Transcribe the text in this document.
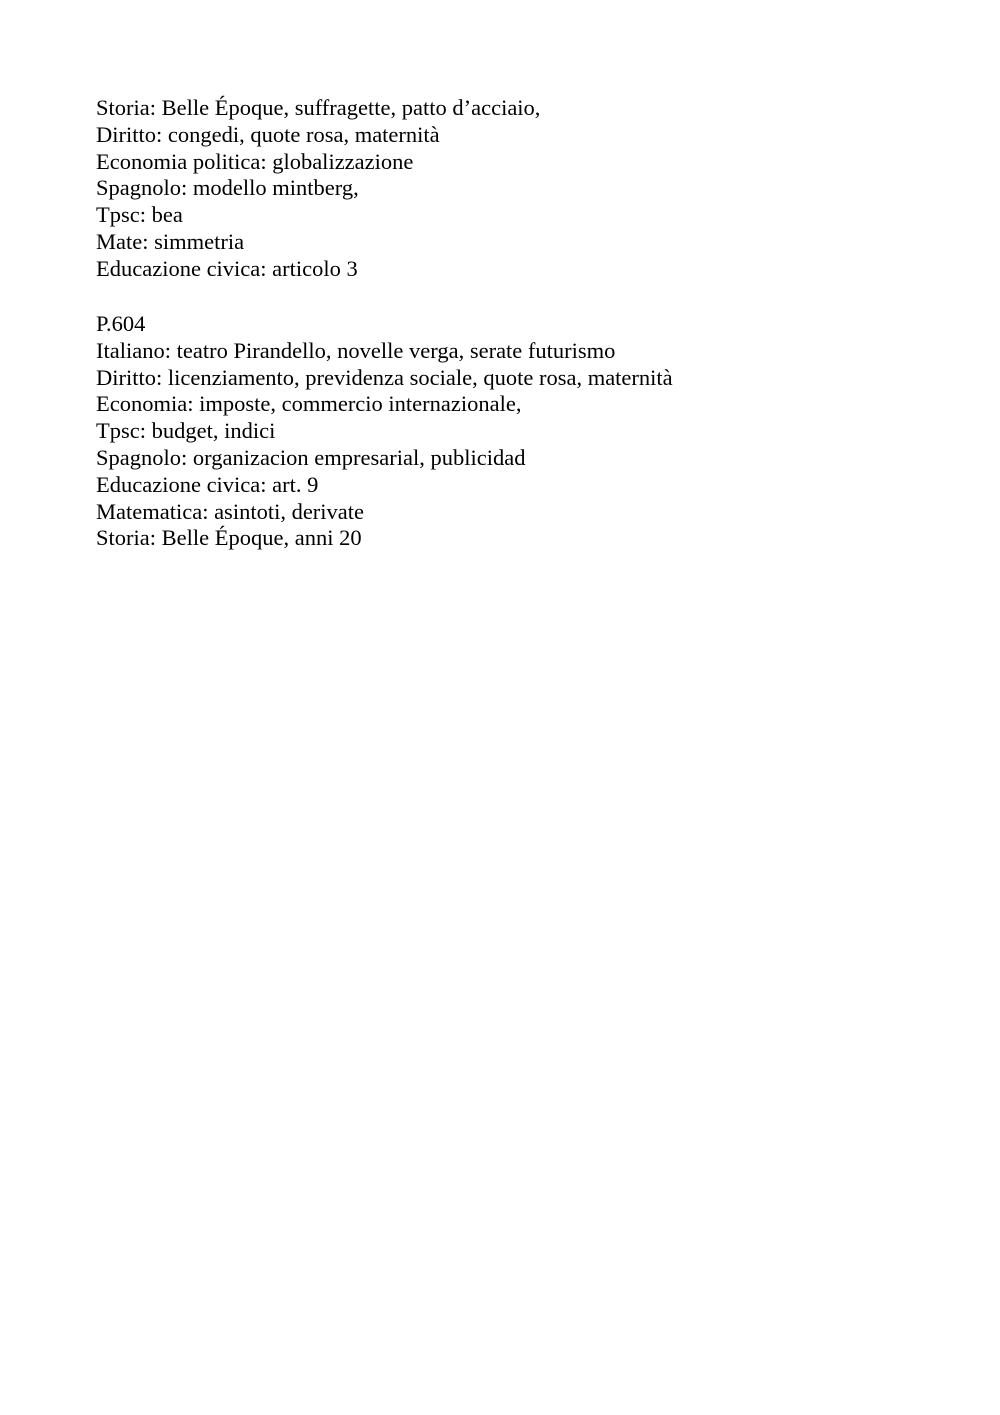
Storia: Belle Époque, suffragette, patto d’acciaio,
Diritto: congedi, quote rosa, maternità
Economia politica: globalizzazione
Spagnolo: modello mintberg,
Tpsc: bea
Mate: simmetria
Educazione civica: articolo 3
P.604
Italiano: teatro Pirandello, novelle verga, serate futurismo
Diritto: licenziamento, previdenza sociale, quote rosa, maternità
Economia: imposte, commercio internazionale,
Tpsc: budget, indici
Spagnolo: organizacion empresarial, publicidad
Educazione civica: art. 9
Matematica: asintoti, derivate
Storia: Belle Époque, anni 20
